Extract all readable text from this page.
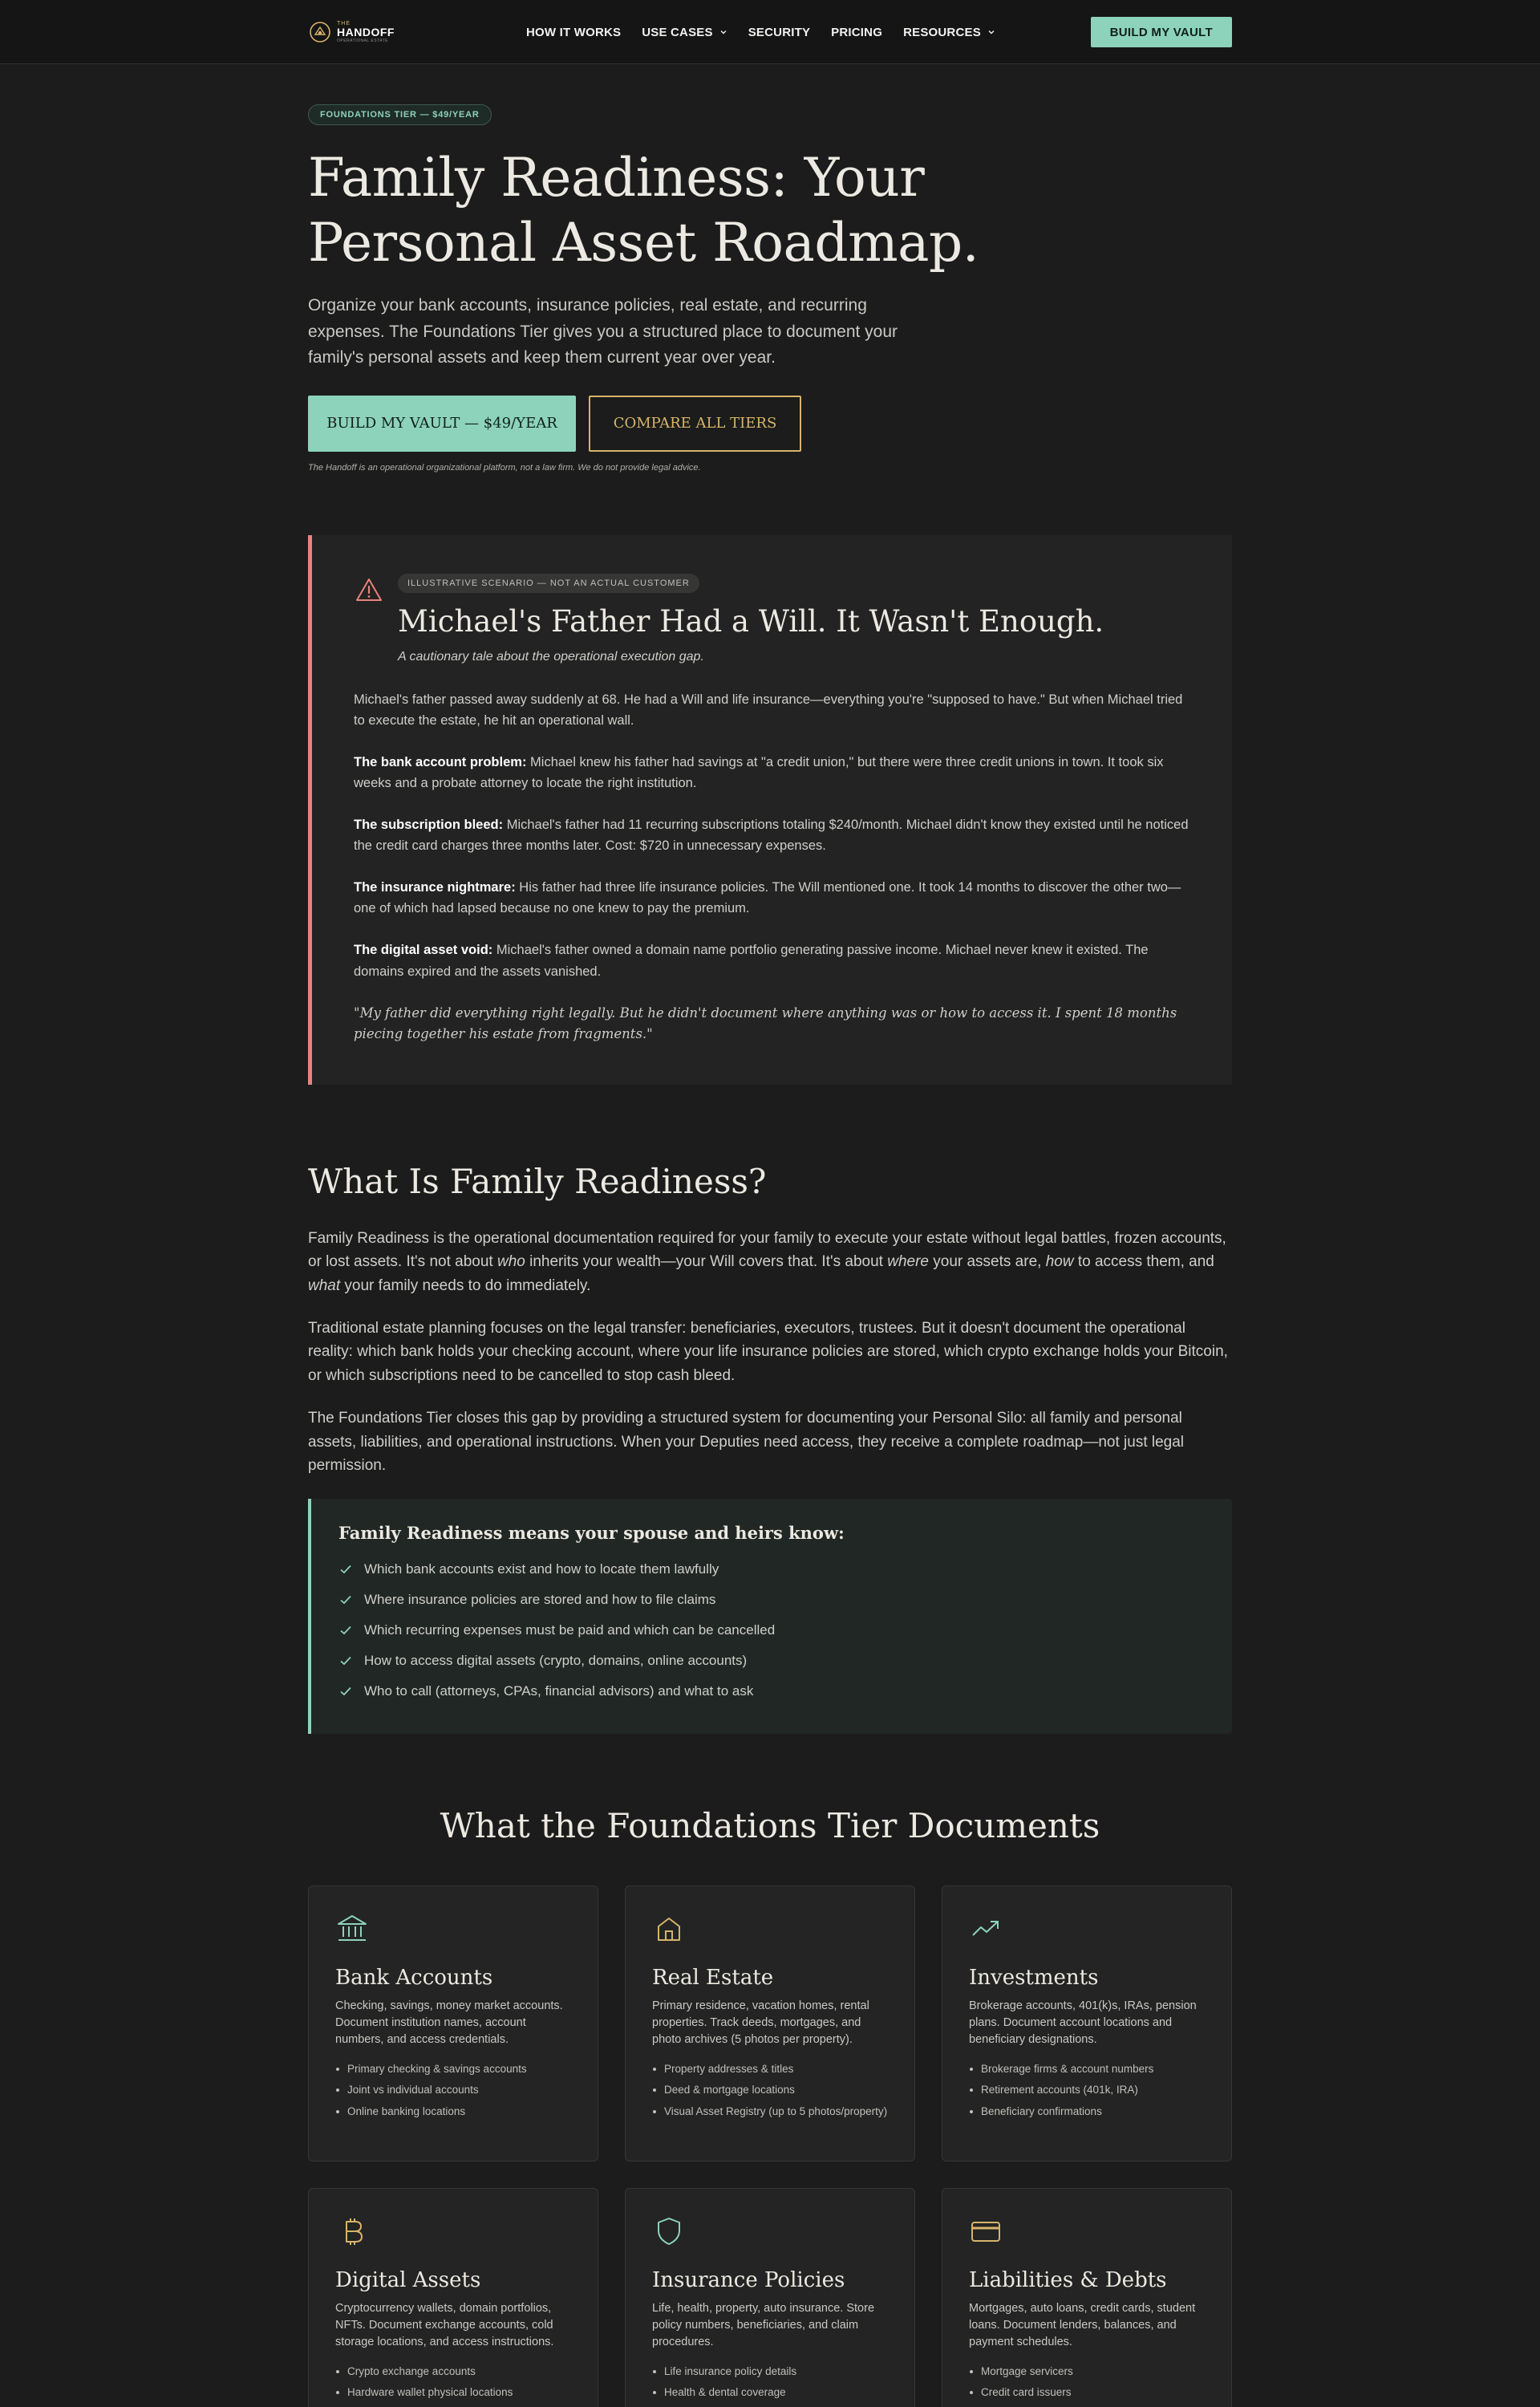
THE
HANDOFF
OPERATIONAL ESTATE
HOW IT WORKS USE CASES	SECURITY PRICING RESOURCES	BUILD MY VAULT
FOUNDATIONS TIER — $49/YEAR
Family Readiness: Your Personal Asset Roadmap.

Organize your bank accounts, insurance policies, real estate, and recurring expenses. The Foundations Tier gives you a structured place to document your family's personal assets and keep them current year over year.

BUILD MY VAULT — $49/YEAR	COMPARE ALL TIERS

The Handoff is an operational organizational platform, not a law firm. We do not provide legal advice.

ILLUSTRATIVE SCENARIO — NOT AN ACTUAL CUSTOMER
Michael's Father Had a Will. It Wasn't Enough.

A cautionary tale about the operational execution gap.

Michael's father passed away suddenly at 68. He had a Will and life insurance—everything you're "supposed to have." But when Michael tried to execute the estate, he hit an operational wall.

The bank account problem: Michael knew his father had savings at "a credit union," but there were three credit unions in town. It took six weeks and a probate attorney to locate the right institution.

The subscription bleed: Michael's father had 11 recurring subscriptions totaling $240/month. Michael didn't know they existed until he noticed the credit card charges three months later. Cost: $720 in unnecessary expenses.

The insurance nightmare: His father had three life insurance policies. The Will mentioned one. It took 14 months to discover the other two—one of which had lapsed because no one knew to pay the premium.

The digital asset void: Michael's father owned a domain name portfolio generating passive income. Michael never knew it existed. The domains expired and the assets vanished.

"My father did everything right legally. But he didn't document where anything was or how to access it. I spent 18 months piecing together his estate from fragments."

What Is Family Readiness?

Family Readiness is the operational documentation required for your family to execute your estate without legal battles, frozen accounts, or lost assets. It's not about who inherits your wealth—your Will covers that. It's about where your assets are, how to access them, and what your family needs to do immediately.

Traditional estate planning focuses on the legal transfer: beneficiaries, executors, trustees. But it doesn't document the operational reality: which bank holds your checking account, where your life insurance policies are stored, which crypto exchange holds your Bitcoin, or which subscriptions need to be cancelled to stop cash bleed.

The Foundations Tier closes this gap by providing a structured system for documenting your Personal Silo: all family and personal assets, liabilities, and operational instructions. When your Deputies need access, they receive a complete roadmap—not just legal permission.

Family Readiness means your spouse and heirs know:
Which bank accounts exist and how to locate them lawfully
Where insurance policies are stored and how to file claims
Which recurring expenses must be paid and which can be cancelled
How to access digital assets (crypto, domains, online accounts)
Who to call (attorneys, CPAs, financial advisors) and what to ask
What the Foundations Tier Documents
Bank Accounts

Checking, savings, money market accounts. Document institution names, account numbers, and access credentials.

Primary checking & savings accounts
Joint vs individual accounts
Online banking locations
Real Estate

Primary residence, vacation homes, rental properties. Track deeds, mortgages, and photo archives (5 photos per property).

Property addresses & titles
Deed & mortgage locations
Visual Asset Registry (up to 5 photos/property)
Investments

Brokerage accounts, 401(k)s, IRAs, pension plans. Document account locations and beneficiary designations.

Brokerage firms & account numbers
Retirement accounts (401k, IRA)
Beneficiary confirmations
Digital Assets

Cryptocurrency wallets, domain portfolios, NFTs. Document exchange accounts, cold storage locations, and access instructions.

Crypto exchange accounts
Hardware wallet physical locations
Insurance Policies

Life, health, property, auto insurance. Store policy numbers, beneficiaries, and claim procedures.

Life insurance policy details
Health & dental coverage
Liabilities & Debts

Mortgages, auto loans, credit cards, student loans. Document lenders, balances, and payment schedules.

Mortgage servicers
Credit card issuers
